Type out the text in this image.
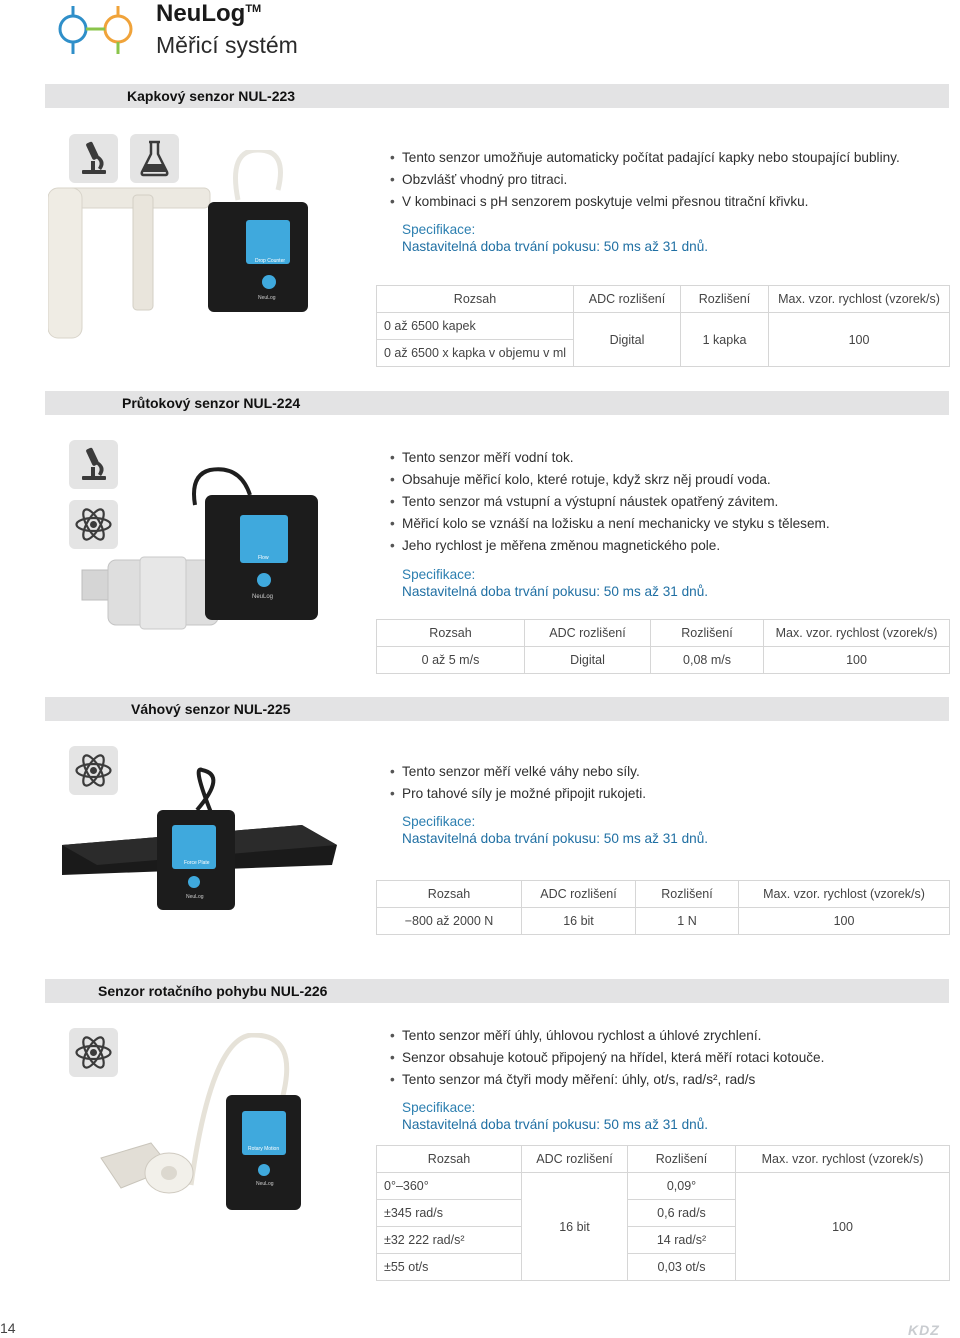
NeuLog™
Měřicí systém
Kapkový senzor NUL-223
Drop Counter
NeuLog
• Tento senzor umožňuje automaticky počítat padající kapky nebo stoupající bubliny.
• Obzvlášť vhodný pro titraci.
• V kombinaci s pH senzorem poskytuje velmi přesnou titrační křivku.
Specifikace:
Nastavitelná doba trvání pokusu: 50 ms až 31 dnů.
Rozsah	ADC rozlišení	Rozlišení	Max. vzor. rychlost (vzorek/s)
0 až 6500 kapek	Digital	1 kapka	100
0 až 6500 x kapka v objemu v ml			
Průtokový senzor NUL-224
Flow
NeuLog
• Tento senzor měří vodní tok.
• Obsahuje měřicí kolo, které rotuje, když skrz něj proudí voda.
• Tento senzor má vstupní a výstupní náustek opatřený závitem.
• Měřicí kolo se vznáší na ložisku a není mechanicky ve styku s tělesem.
• Jeho rychlost je měřena změnou magnetického pole.
Specifikace:
Nastavitelná doba trvání pokusu: 50 ms až 31 dnů.
Rozsah	ADC rozlišení	Rozlišení	Max. vzor. rychlost (vzorek/s)
0 až 5 m/s	Digital	0,08 m/s	100
Váhový senzor NUL-225
Force Plate
NeuLog
• Tento senzor měří velké váhy nebo síly.
• Pro tahové síly je možné připojit rukojeti.
Specifikace:
Nastavitelná doba trvání pokusu: 50 ms až 31 dnů.
Rozsah	ADC rozlišení	Rozlišení	Max. vzor. rychlost (vzorek/s)
−800 až 2000 N	16 bit	1 N	100
Senzor rotačního pohybu NUL-226
Rotary Motion
NeuLog
• Tento senzor měří úhly, úhlovou rychlost a úhlové zrychlení.
• Senzor obsahuje kotouč připojený na hřídel, která měří rotaci kotouče.
• Tento senzor má čtyři mody měření: úhly, ot/s, rad/s², rad/s
Specifikace:
Nastavitelná doba trvání pokusu: 50 ms až 31 dnů.
Rozsah	ADC rozlišení	Rozlišení	Max. vzor. rychlost (vzorek/s)
0°–360°	16 bit	0,09°	100
±345 rad/s		0,6 rad/s	
±32 222 rad/s²		14 rad/s²	
±55 ot/s		0,03 ot/s	
14	KDZ
